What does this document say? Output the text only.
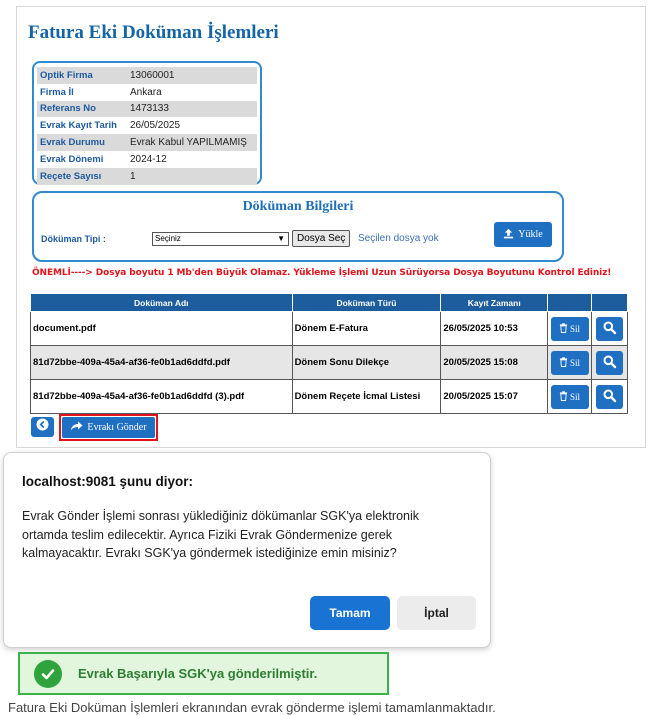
Fatura Eki Doküman İşlemleri
Optik Firma	13060001
Firma İl	Ankara
Referans No	1473133
Evrak Kayıt Tarih	26/05/2025
Evrak Durumu	Evrak Kabul YAPILMAMIŞ
Evrak Dönemi	2024-12
Reçete Sayısı	1
Döküman Bilgileri
Döküman Tipi :	Seçiniz	▼	Dosya Seç	Seçilen dosya yok	Yükle
ÖNEMLİ----> Dosya boyutu 1 Mb'den Büyük Olamaz. Yükleme İşlemi Uzun Sürüyorsa Dosya Boyutunu Kontrol Ediniz!
Doküman Adı	Doküman Türü	Kayıt Zamanı		
document.pdf	Dönem E-Fatura	26/05/2025 10:53	Sil

81d72bbe-409a-45a4-af36-fe0b1ad6ddfd.pdf	Dönem Sonu Dilekçe	20/05/2025 15:08	Sil

81d72bbe-409a-45a4-af36-fe0b1ad6ddfd (3).pdf	Dönem Reçete İcmal Listesi	20/05/2025 15:07	Sil

Evrakı Gönder
localhost:9081 şunu diyor:
Evrak Gönder İşlemi sonrası yüklediğiniz dökümanlar SGK'ya elektronik ortamda teslim edilecektir. Ayrıca Fiziki Evrak Göndermenize gerek kalmayacaktır. Evrakı SGK'ya göndermek istediğinize emin misiniz?
Tamam	İptal
Evrak Başarıyla SGK'ya gönderilmiştir.
Fatura Eki Doküman İşlemleri ekranından evrak gönderme işlemi tamamlanmaktadır.
